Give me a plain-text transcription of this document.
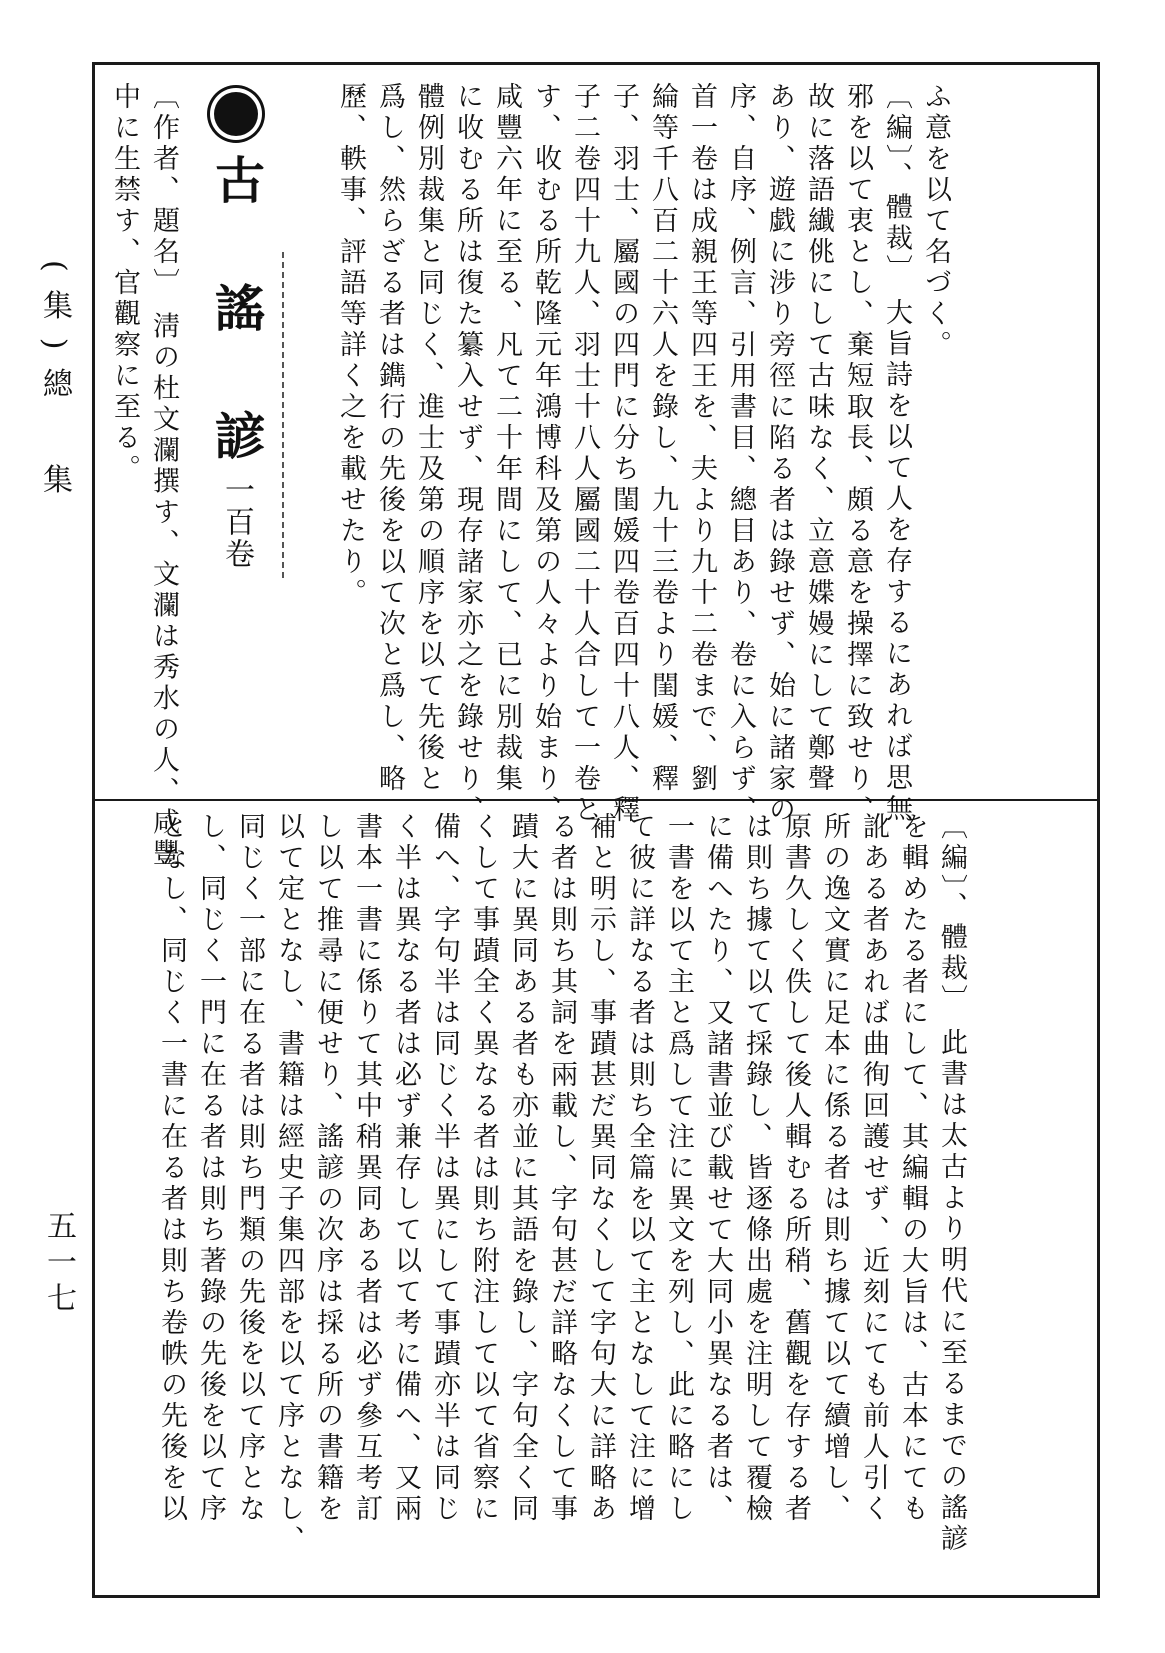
(集)總　集
五一七
ふ意を以て名づく。
〔編〕、體裁〕 大旨詩を以て人を存するにあれば思無
邪を以て衷とし、棄短取長、頗る意を操擇に致せり、
故に落語纎佻にして古味なく、立意媟嫚にして鄭聲
あり、遊戯に涉り旁徑に陷る者は錄せず、始に諸家の
序、自序、例言、引用書目、總目あり、卷に入らず、
首一卷は成親王等四王を、夫より九十二卷まで、劉
綸等千八百二十六人を錄し、九十三卷より閨媛、釋
子、羽士、屬國の四門に分ち閨媛四卷百四十八人、釋
子二卷四十九人、羽士十八人屬國二十人合して一卷と
す、收むる所乾隆元年鴻博科及第の人々より始まり、
咸豐六年に至る、凡て二十年間にして、已に別裁集
に收むる所は復た纂入せず、現存諸家亦之を錄せり、
體例別裁集と同じく、進士及第の順序を以て先後と
爲し、然らざる者は鐫行の先後を以て次と爲し、略
歷、軼事、評語等詳く之を載せたり。
古　謠　諺一百卷
〔作者、題名〕 淸の杜文瀾撰す、文瀾は秀水の人、咸豐
中に生禁す、官觀察に至る。
〔編〕、體裁〕 此書は太古より明代に至るまでの謠諺
を輯めたる者にして、其編輯の大旨は、古本にても
訛ある者あれば曲徇回護せず、近刻にても前人引く
所の逸文實に足本に係る者は則ち據て以て續增し、
原書久しく佚して後人輯むる所稍、舊觀を存する者
は則ち據て以て採錄し、皆逐條出處を注明して覆檢
に備へたり、又諸書並び載せて大同小異なる者は、
一書を以て主と爲して注に異文を列し、此に略にし
て彼に詳なる者は則ち全篇を以て主となして注に增
補と明示し、事蹟甚だ異同なくして字句大に詳略あ
る者は則ち其詞を兩載し、字句甚だ詳略なくして事
蹟大に異同ある者も亦並に其語を錄し、字句全く同
くして事蹟全く異なる者は則ち附注して以て省察に
備へ、字句半は同じく半は異にして事蹟亦半は同じ
く半は異なる者は必ず兼存して以て考に備へ、又兩
書本一書に係りて其中稍異同ある者は必ず參互考訂
し以て推尋に便せり、謠諺の次序は採る所の書籍を
以て定となし、書籍は經史子集四部を以て序となし、
同じく一部に在る者は則ち門類の先後を以て序とな
し、同じく一門に在る者は則ち著錄の先後を以て序
となし、同じく一書に在る者は則ち卷帙の先後を以
